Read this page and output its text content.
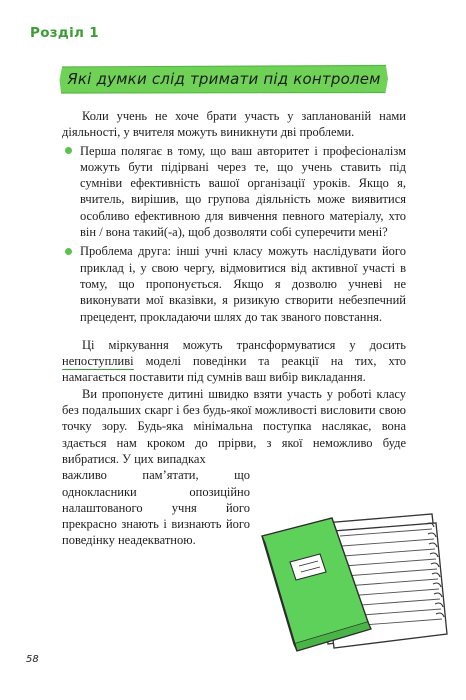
Розділ 1
Які думки слід тримати під контролем

Коли учень не хоче брати участь у запланованій нами діяльності, у вчителя можуть виникнути дві проблеми.

Перша полягає в тому, що ваш авторитет і професіоналізм можуть бути підірвані через те, що учень ставить під сумніви ефективність вашої організації уроків. Якщо я, вчитель, вирішив, що групова діяльність може виявитися особливо ефективною для вивчення певного матеріалу, хто він / вона такий(-а), щоб дозволяти собі суперечити мені?
Проблема друга: інші учні класу можуть наслідувати його приклад і, у свою чергу, відмовитися від активної участі в тому, що пропонується. Якщо я дозволю учневі не виконувати мої вказівки, я ризикую створити небезпечний прецедент, прокладаючи шлях до так званого повстання.

Ці міркування можуть трансформуватися у досить непоступливі моделі поведінки та реакції на тих, хто намагається поставити під сумнів ваш вибір викладання.

Ви пропонуєте дитині швидко взяти участь у роботі класу без подальших скарг і без будь-якої можливості висловити свою точку зору. Будь-яка мінімальна поступка наслякає, вона здається нам кроком до прірви, з якої неможливо буде вибратися. У цих випадках

важливо пам’ятати, що однокласники опозиційно налаштованого учня його прекрасно знають і визнають його поведінку неадекватною.

58
